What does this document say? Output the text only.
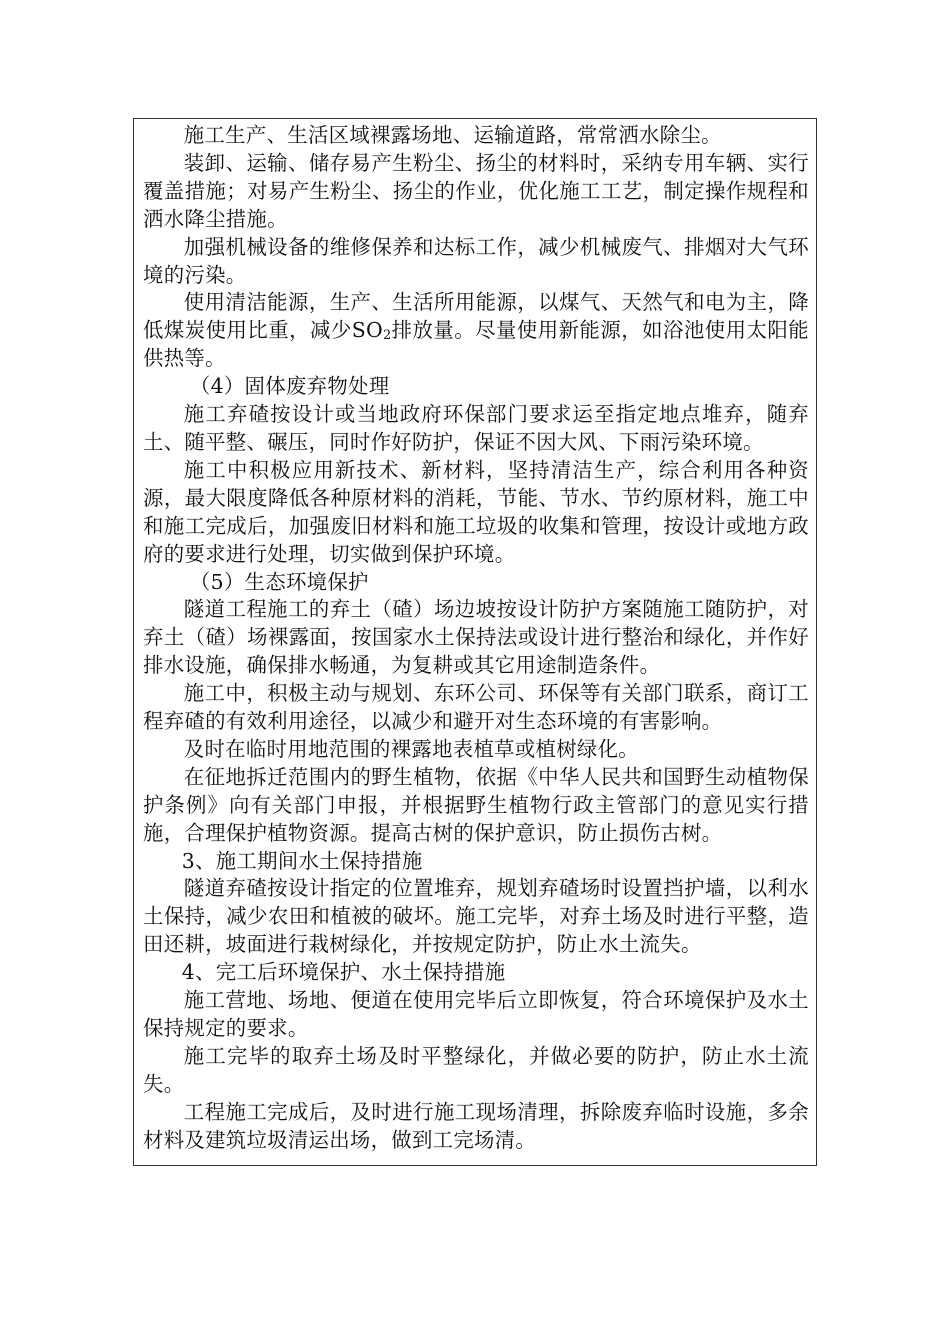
施工生产、生活区域裸露场地、运输道路，常常洒水除尘。

装卸、运输、储存易产生粉尘、扬尘的材料时，采纳专用车辆、实行覆盖措施；对易产生粉尘、扬尘的作业，优化施工工艺，制定操作规程和洒水降尘措施。

加强机械设备的维修保养和达标工作，减少机械废气、排烟对大气环境的污染。

使用清洁能源，生产、生活所用能源，以煤气、天然气和电为主，降低煤炭使用比重，减少$SO_2$排放量。尽量使用新能源，如浴池使用太阳能供热等。

（4）固体废弃物处理

施工弃碴按设计或当地政府环保部门要求运至指定地点堆弃，随弃土、随平整、碾压，同时作好防护，保证不因大风、下雨污染环境。

施工中积极应用新技术、新材料，坚持清洁生产，综合利用各种资源，最大限度降低各种原材料的消耗，节能、节水、节约原材料，施工中和施工完成后，加强废旧材料和施工垃圾的收集和管理，按设计或地方政府的要求进行处理，切实做到保护环境。

（5）生态环境保护

隧道工程施工的弃土（碴）场边坡按设计防护方案随施工随防护，对弃土（碴）场裸露面，按国家水土保持法或设计进行整治和绿化，并作好排水设施，确保排水畅通，为复耕或其它用途制造条件。

施工中，积极主动与规划、东环公司、环保等有关部门联系，商订工程弃碴的有效利用途径，以减少和避开对生态环境的有害影响。

及时在临时用地范围的裸露地表植草或植树绿化。

在征地拆迁范围内的野生植物，依据《中华人民共和国野生动植物保护条例》向有关部门申报，并根据野生植物行政主管部门的意见实行措施，合理保护植物资源。提高古树的保护意识，防止损伤古树。

3、施工期间水土保持措施

隧道弃碴按设计指定的位置堆弃，规划弃碴场时设置挡护墙，以利水土保持，减少农田和植被的破坏。施工完毕，对弃土场及时进行平整，造田还耕，坡面进行栽树绿化，并按规定防护，防止水土流失。

4、完工后环境保护、水土保持措施

施工营地、场地、便道在使用完毕后立即恢复，符合环境保护及水土保持规定的要求。

施工完毕的取弃土场及时平整绿化，并做必要的防护，防止水土流失。

工程施工完成后，及时进行施工现场清理，拆除废弃临时设施，多余材料及建筑垃圾清运出场，做到工完场清。
